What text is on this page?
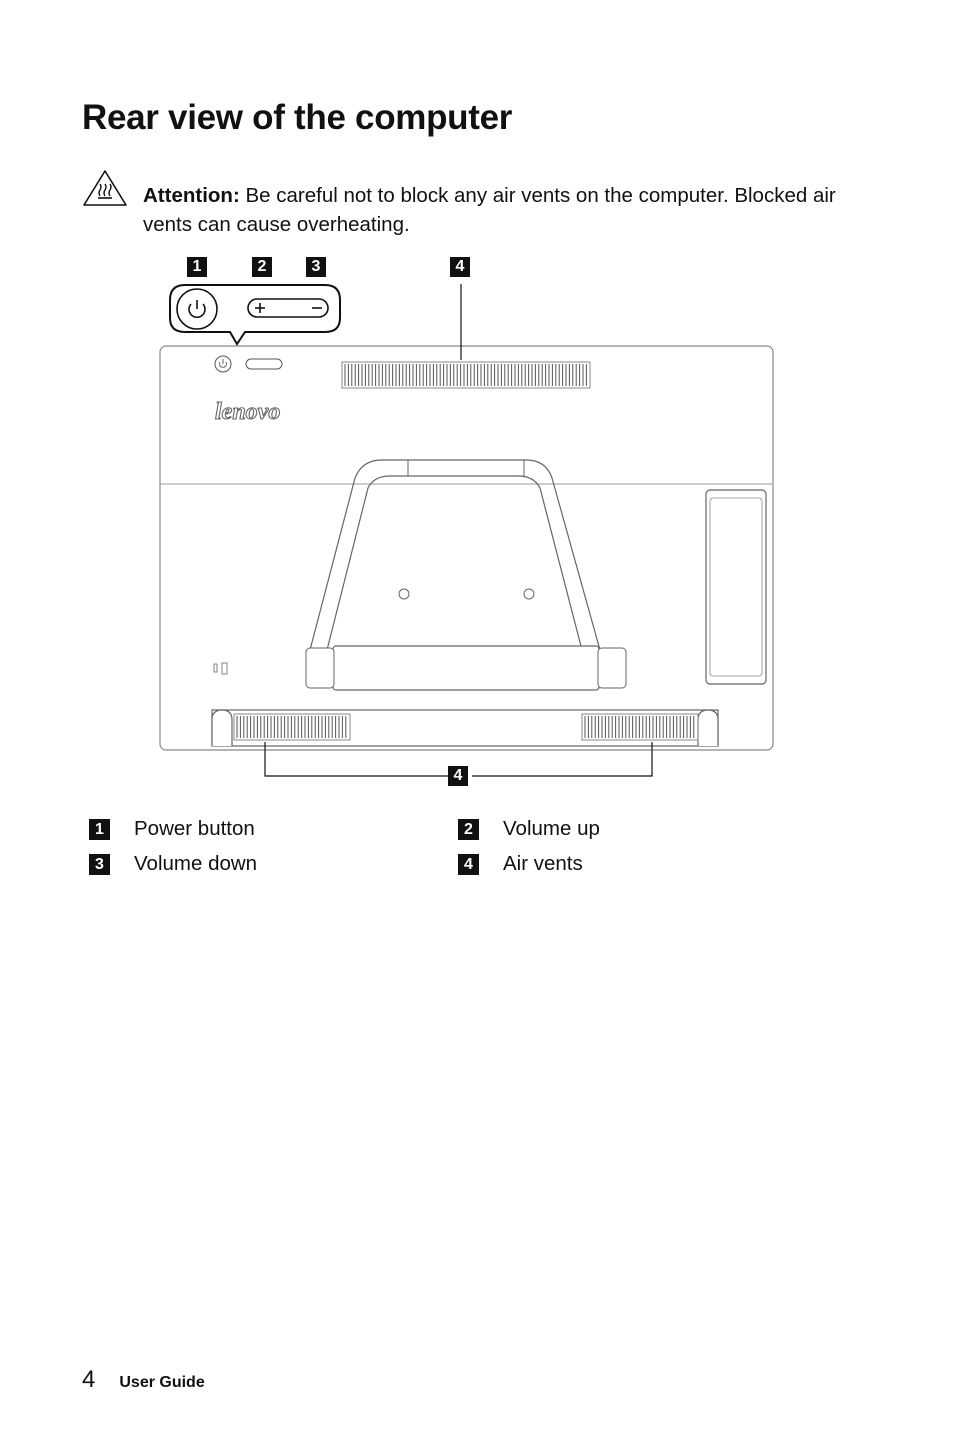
Rear view of the computer
Attention: Be careful not to block any air vents on the computer. Blocked air vents can cause overheating.
lenovo
1	2	3	4
4
1 Power button	2 Volume up
3 Volume down	4 Air vents
4 User Guide
